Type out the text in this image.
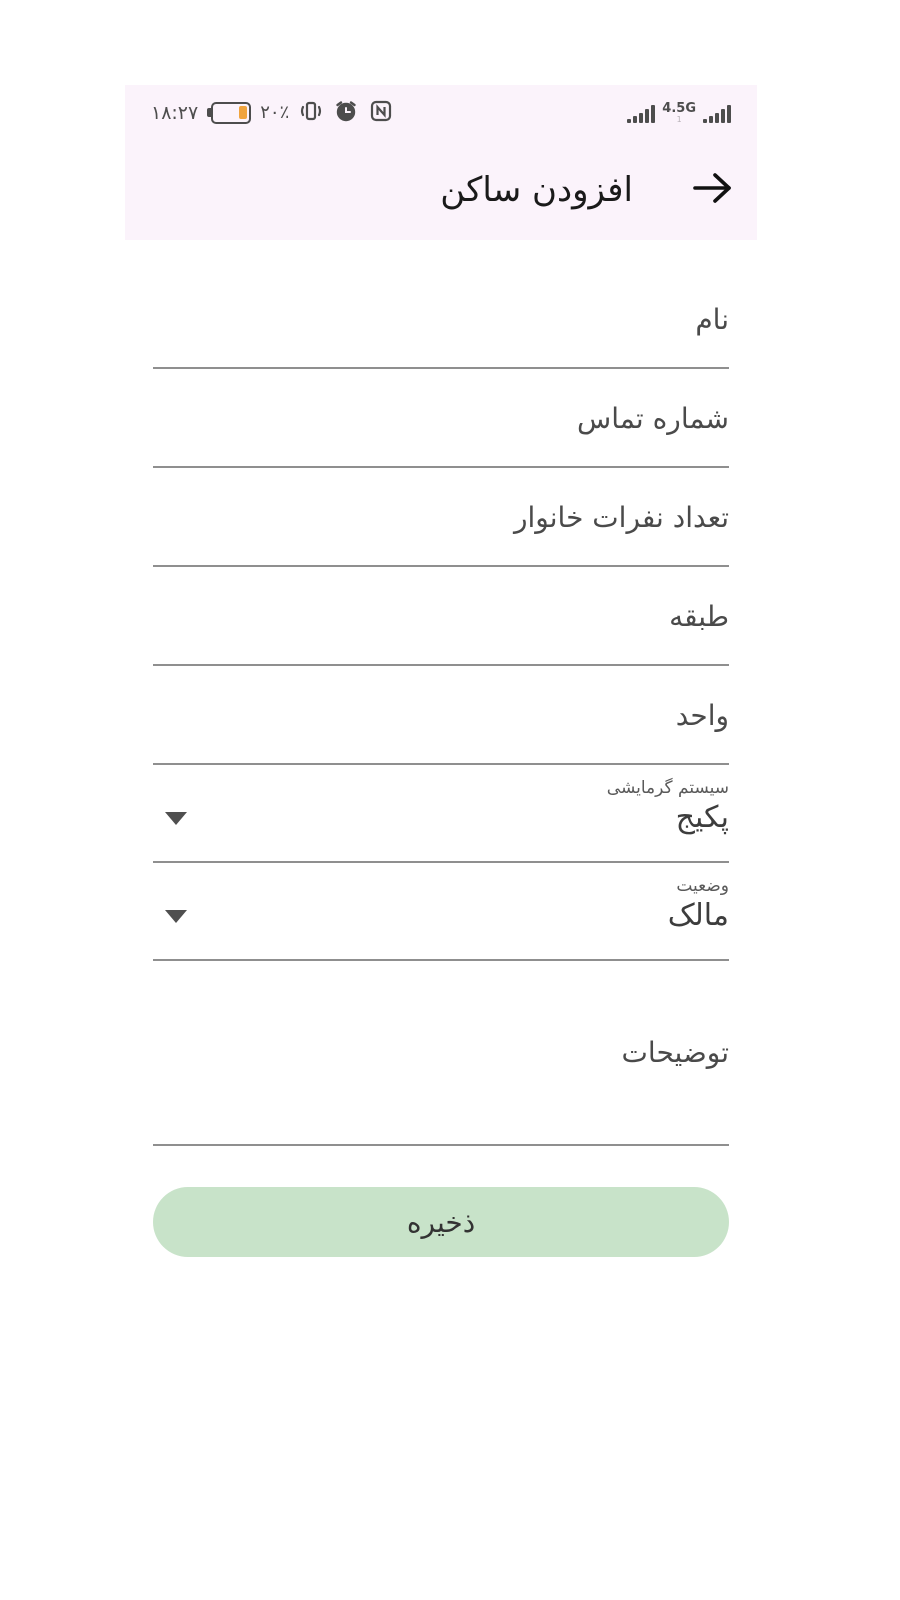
۱۸:۲۷	۲۰٪	4.5G
1
افزودن ساکن
نام
شماره تماس
تعداد نفرات خانوار
طبقه
واحد
سیستم گرمایشی
پکیج
وضعیت
مالک
توضیحات
ذخیره
